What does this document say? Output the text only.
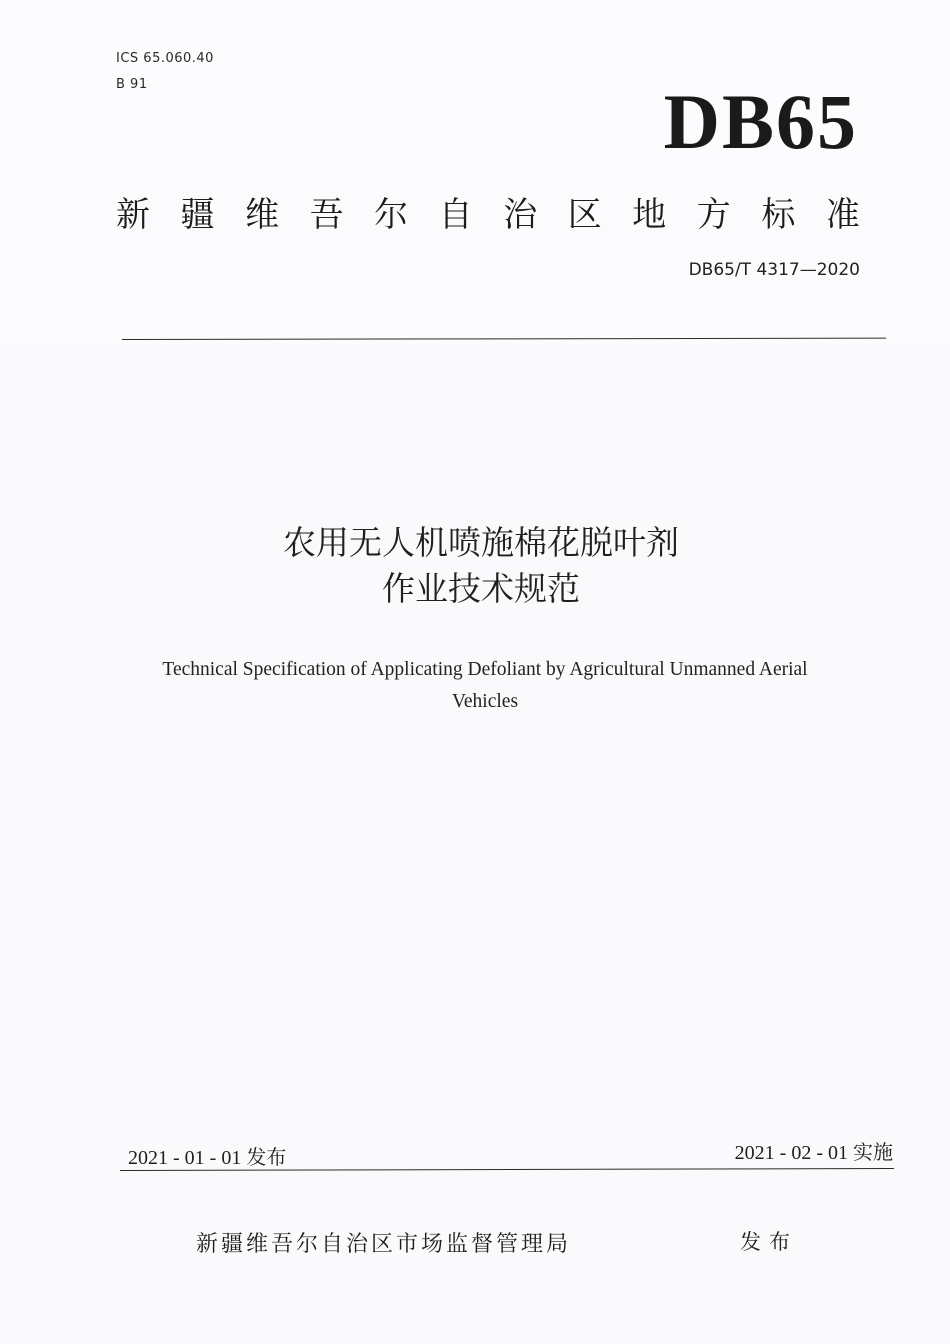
ICS 65.060.40
B 91	DB65
新 疆 维 吾 尔 自 治 区 地 方 标 准
DB65/T 4317—2020
农用无人机喷施棉花脱叶剂
作业技术规范
Technical Specification of Applicating Defoliant by Agricultural Unmanned Aerial
Vehicles
2021 - 01 - 01 发布	2021 - 02 - 01 实施
新疆维吾尔自治区市场监督管理局	发布
